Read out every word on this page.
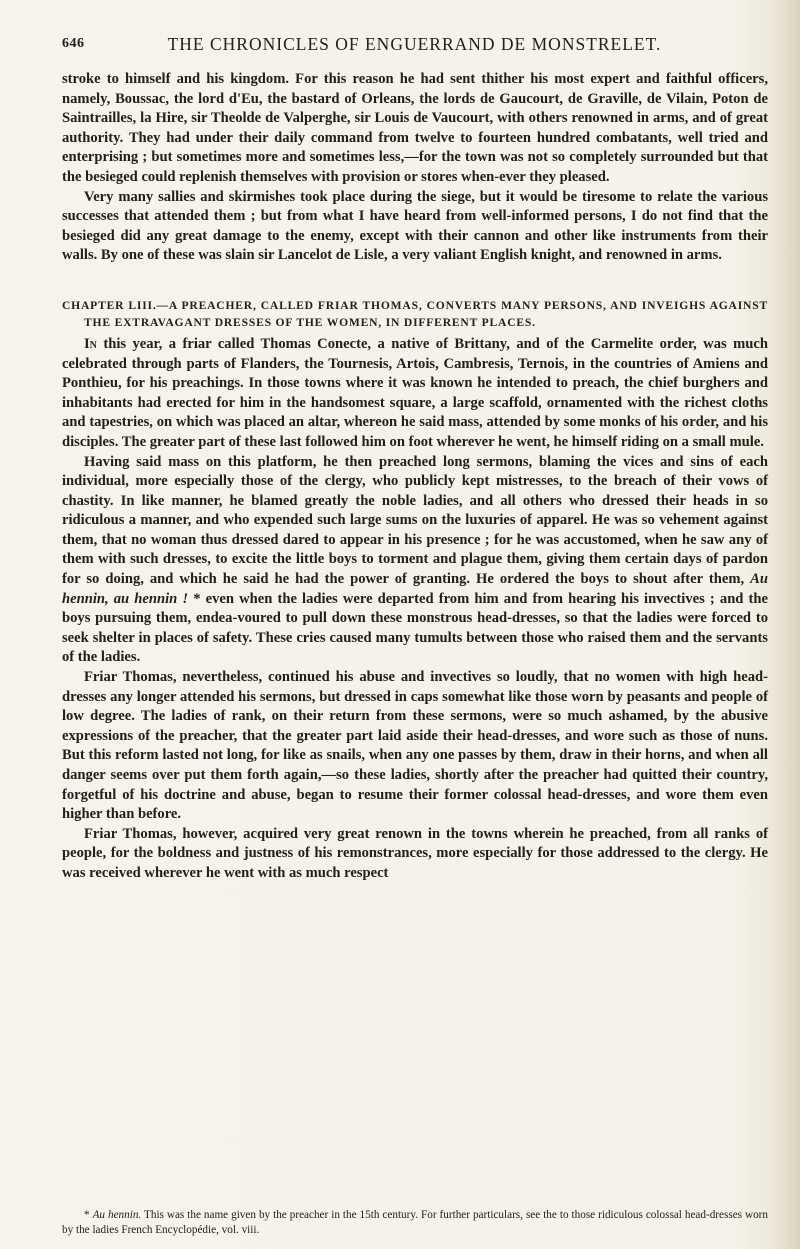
646	THE CHRONICLES OF ENGUERRAND DE MONSTRELET.

stroke to himself and his kingdom. For this reason he had sent thither his most expert and faithful officers, namely, Boussac, the lord d'Eu, the bastard of Orleans, the lords de Gaucourt, de Graville, de Vilain, Poton de Saintrailles, la Hire, sir Theolde de Valperghe, sir Louis de Vaucourt, with others renowned in arms, and of great authority. They had under their daily command from twelve to fourteen hundred combatants, well tried and enterprising ; but sometimes more and sometimes less,—for the town was not so completely surrounded but that the besieged could replenish themselves with provision or stores when-ever they pleased.

Very many sallies and skirmishes took place during the siege, but it would be tiresome to relate the various successes that attended them ; but from what I have heard from well-informed persons, I do not find that the besieged did any great damage to the enemy, except with their cannon and other like instruments from their walls. By one of these was slain sir Lancelot de Lisle, a very valiant English knight, and renowned in arms.

CHAPTER LIII.—A PREACHER, CALLED FRIAR THOMAS, CONVERTS MANY PERSONS, AND INVEIGHS AGAINST THE EXTRAVAGANT DRESSES OF THE WOMEN, IN DIFFERENT PLACES.

In this year, a friar called Thomas Conecte, a native of Brittany, and of the Carmelite order, was much celebrated through parts of Flanders, the Tournesis, Artois, Cambresis, Ternois, in the countries of Amiens and Ponthieu, for his preachings. In those towns where it was known he intended to preach, the chief burghers and inhabitants had erected for him in the handsomest square, a large scaffold, ornamented with the richest cloths and tapestries, on which was placed an altar, whereon he said mass, attended by some monks of his order, and his disciples. The greater part of these last followed him on foot wherever he went, he himself riding on a small mule.

Having said mass on this platform, he then preached long sermons, blaming the vices and sins of each individual, more especially those of the clergy, who publicly kept mistresses, to the breach of their vows of chastity. In like manner, he blamed greatly the noble ladies, and all others who dressed their heads in so ridiculous a manner, and who expended such large sums on the luxuries of apparel. He was so vehement against them, that no woman thus dressed dared to appear in his presence ; for he was accustomed, when he saw any of them with such dresses, to excite the little boys to torment and plague them, giving them certain days of pardon for so doing, and which he said he had the power of granting. He ordered the boys to shout after them, Au hennin, au hennin ! * even when the ladies were departed from him and from hearing his invectives ; and the boys pursuing them, endea-voured to pull down these monstrous head-dresses, so that the ladies were forced to seek shelter in places of safety. These cries caused many tumults between those who raised them and the servants of the ladies.

Friar Thomas, nevertheless, continued his abuse and invectives so loudly, that no women with high head-dresses any longer attended his sermons, but dressed in caps somewhat like those worn by peasants and people of low degree. The ladies of rank, on their return from these sermons, were so much ashamed, by the abusive expressions of the preacher, that the greater part laid aside their head-dresses, and wore such as those of nuns. But this reform lasted not long, for like as snails, when any one passes by them, draw in their horns, and when all danger seems over put them forth again,—so these ladies, shortly after the preacher had quitted their country, forgetful of his doctrine and abuse, began to resume their former colossal head-dresses, and wore them even higher than before.

Friar Thomas, however, acquired very great renown in the towns wherein he preached, from all ranks of people, for the boldness and justness of his remonstrances, more especially for those addressed to the clergy. He was received wherever he went with as much respect

* Au hennin. This was the name given by the preacher in the 15th century. For further particulars, see the to those ridiculous colossal head-dresses worn by the ladies French Encyclopédie, vol. viii.
